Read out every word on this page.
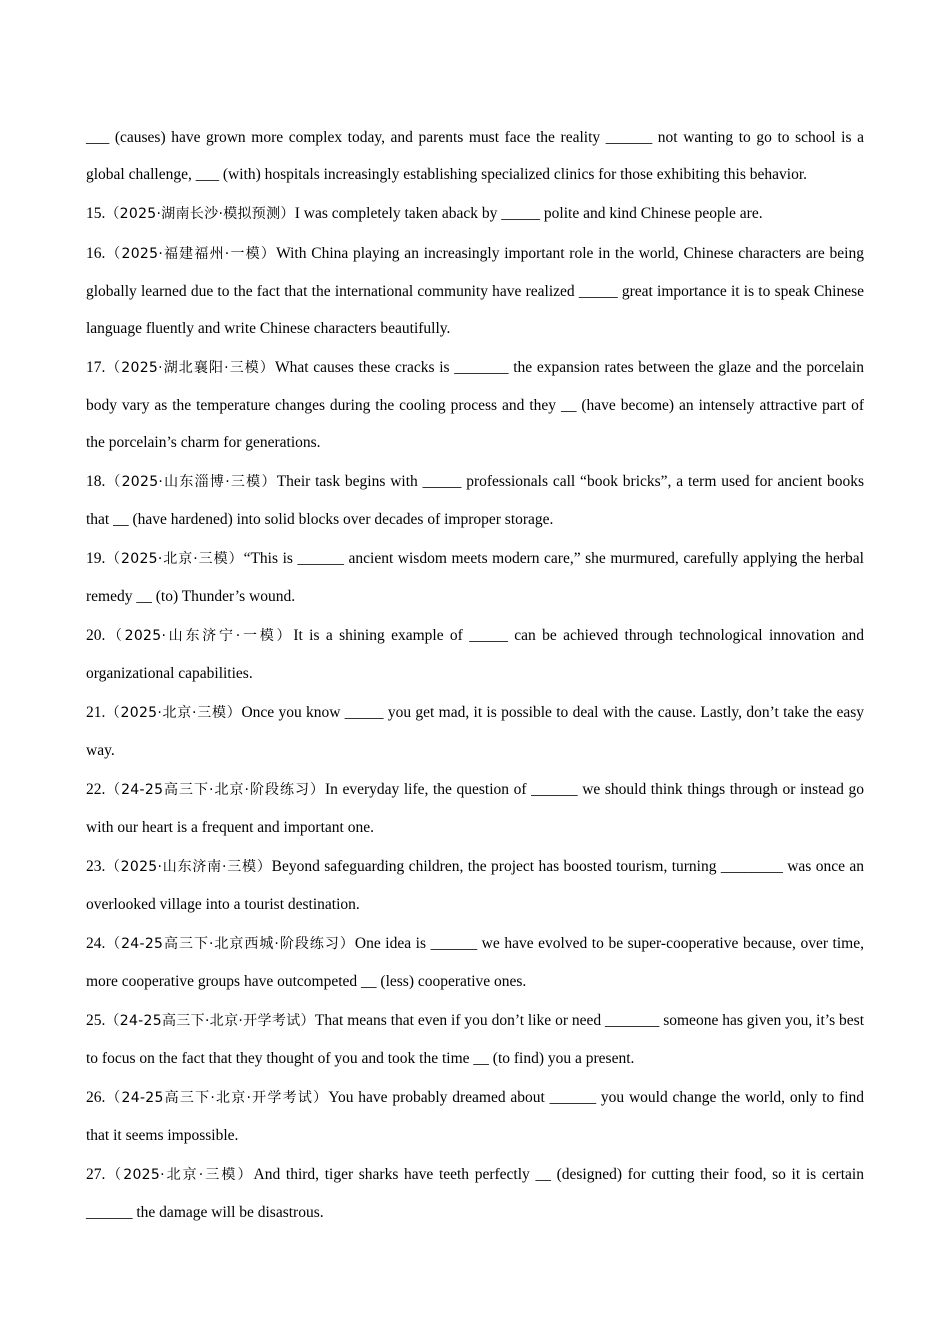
___ (causes) have grown more complex today, and parents must face the reality ______ not wanting to go to school is a global challenge, ___ (with) hospitals increasingly establishing specialized clinics for those exhibiting this behavior.

15.（2025·湖南长沙·模拟预测）I was completely taken aback by _____ polite and kind Chinese people are.

16.（2025·福建福州·一模）With China playing an increasingly important role in the world, Chinese characters are being globally learned due to the fact that the international community have realized _____ great importance it is to speak Chinese language fluently and write Chinese characters beautifully.

17.（2025·湖北襄阳·三模）What causes these cracks is _______ the expansion rates between the glaze and the porcelain body vary as the temperature changes during the cooling process and they __ (have become) an intensely attractive part of the porcelain’s charm for generations.

18.（2025·山东淄博·三模）Their task begins with _____ professionals call “book bricks”, a term used for ancient books that __ (have hardened) into solid blocks over decades of improper storage.

19.（2025·北京·三模）“This is ______ ancient wisdom meets modern care,” she murmured, carefully applying the herbal remedy __ (to) Thunder’s wound.

20.（2025·山东济宁·一模）It is a shining example of _____ can be achieved through technological innovation and organizational capabilities.

21.（2025·北京·三模）Once you know _____ you get mad, it is possible to deal with the cause. Lastly, don’t take the easy way.

22.（24-25高三下·北京·阶段练习）In everyday life, the question of ______ we should think things through or instead go with our heart is a frequent and important one.

23.（2025·山东济南·三模）Beyond safeguarding children, the project has boosted tourism, turning ________ was once an overlooked village into a tourist destination.

24.（24-25高三下·北京西城·阶段练习）One idea is ______ we have evolved to be super-cooperative because, over time, more cooperative groups have outcompeted __ (less) cooperative ones.

25.（24-25高三下·北京·开学考试）That means that even if you don’t like or need _______ someone has given you, it’s best to focus on the fact that they thought of you and took the time __ (to find) you a present.

26.（24-25高三下·北京·开学考试）You have probably dreamed about ______ you would change the world, only to find that it seems impossible.

27.（2025·北京·三模）And third, tiger sharks have teeth perfectly __ (designed) for cutting their food, so it is certain ______ the damage will be disastrous.
